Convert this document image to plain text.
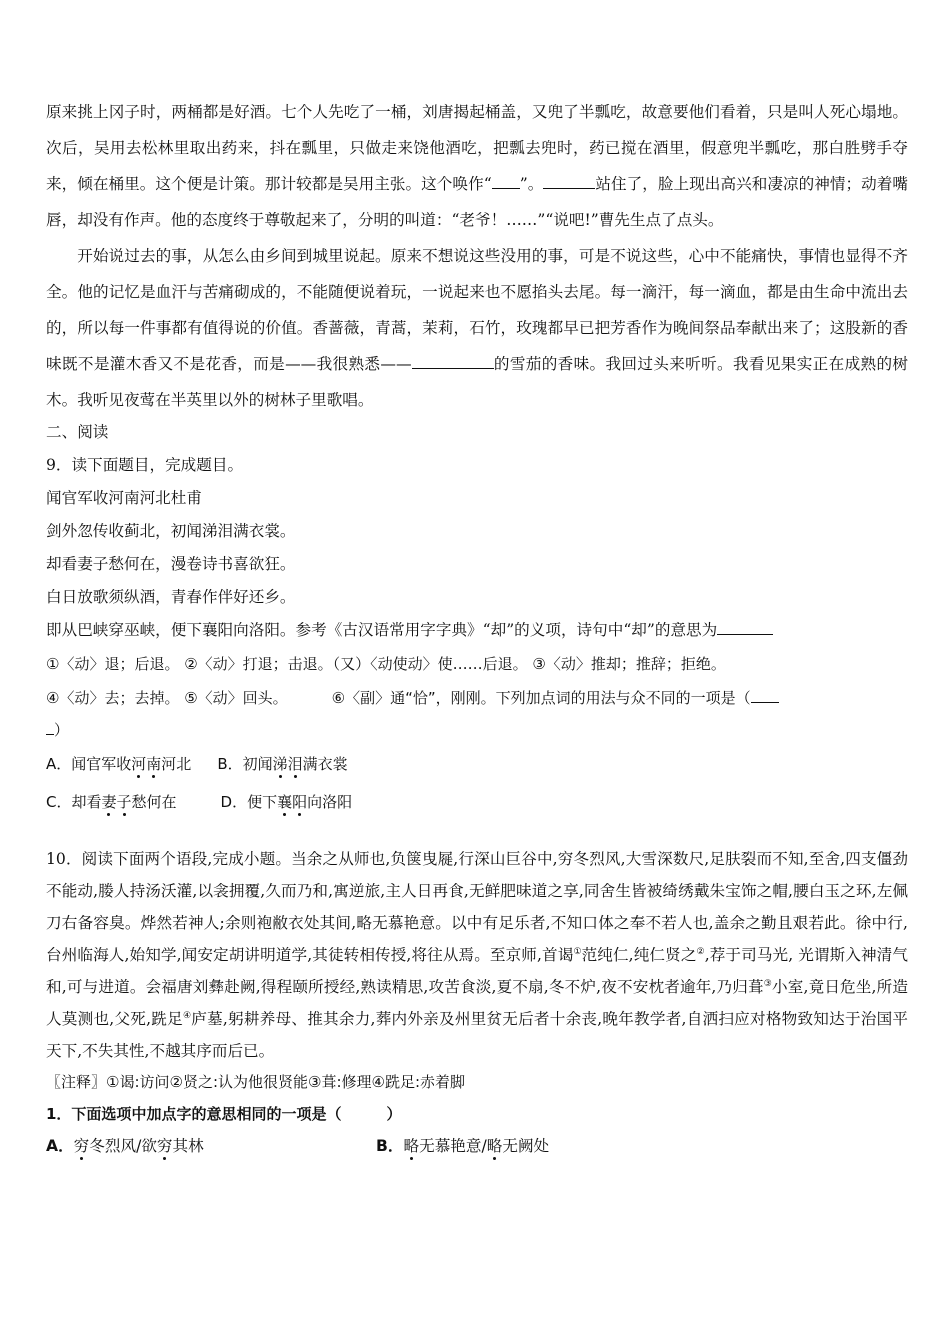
原来挑上冈子时，两桶都是好酒。七个人先吃了一桶，刘唐揭起桶盖，又兜了半瓢吃，故意要他们看着，只是叫人死心塌地。次后，吴用去松林里取出药来，抖在瓢里，只做走来饶他酒吃，把瓢去兜时，药已搅在酒里，假意兜半瓢吃，那白胜劈手夺来，倾在桶里。这个便是计策。那计较都是吴用主张。这个唤作“ ”。	站住了，脸上现出高兴和凄凉的神情；动着嘴唇，却没有作声。他的态度终于尊敬起来了，分明的叫道：“老爷！……”“说吧!”曹先生点了点头。

开始说过去的事，从怎么由乡间到城里说起。原来不想说这些没用的事，可是不说这些，心中不能痛快，事情也显得不齐全。他的记忆是血汗与苦痛砌成的，不能随便说着玩，一说起来也不愿掐头去尾。每一滴汗，每一滴血，都是由生命中流出去的，所以每一件事都有值得说的价值。香蔷薇，青蒿，茉莉，石竹，玫瑰都早已把芳香作为晚间祭品奉献出来了；这股新的香味既不是灌木香又不是花香，而是——我很熟悉——	的雪茄的香味。我回过头来听听。我看见果实正在成熟的树木。我听见夜莺在半英里以外的树林子里歌唱。

二、阅读

9．读下面题目，完成题目。

闻官军收河南河北杜甫

剑外忽传收蓟北，初闻涕泪满衣裳。

却看妻子愁何在，漫卷诗书喜欲狂。

白日放歌须纵酒，青春作伴好还乡。

即从巴峡穿巫峡，便下襄阳向洛阳。参考《古汉语常用字字典》“却”的义项，诗句中“却”的意思为

①〈动〉退；后退。 ②〈动〉打退；击退。（又）〈动使动〉使……后退。 ③〈动〉推却；推辞；拒绝。

④〈动〉去；去掉。 ⑤〈动〉回头。	⑥〈副〉通“恰”，刚刚。下列加点词的用法与众不同的一项是（

）

A．闻官军收河南河北 B．初闻涕泪满衣裳

C．却看妻子愁何在	D．便下襄阳向洛阳

10．阅读下面两个语段,完成小题。当余之从师也,负箧曳屣,行深山巨谷中,穷冬烈风,大雪深数尺,足肤裂而不知,至舍,四支僵劲不能动,媵人持汤沃灌,以衾拥覆,久而乃和,寓逆旅,主人日再食,无鲜肥味道之享,同舍生皆被绮绣戴朱宝饰之帽,腰白玉之环,左佩刀右备容臭。烨然若神人;余则袍敝衣处其间,略无慕艳意。以中有足乐者,不知口体之奉不若人也,盖余之勤且艰若此。徐中行,台州临海人,始知学,闻安定胡讲明道学,其徒转相传授,将往从焉。至京师,首谒①范纯仁,纯仁贤之②,荐于司马光, 光谓斯入神清气和,可与进道。会福唐刘彝赴阙,得程颐所授经,熟读精思,攻苦食淡,夏不扇,冬不炉,夜不安枕者逾年,乃归葺③小室,竟日危坐,所造人莫测也,父死,跣足④庐墓,躬耕养母、推其余力,葬内外亲及州里贫无后者十余丧,晚年教学者,自洒扫应对格物致知达于治国平天下,不失其性,不越其序而后已。

〖注释〗①谒:访问②贤之:认为他很贤能③葺:修理④跣足:赤着脚

1．下面选项中加点字的意思相同的一项是（　　　）

A．穷冬烈风/欲穷其林	B．略无慕艳意/略无阙处
